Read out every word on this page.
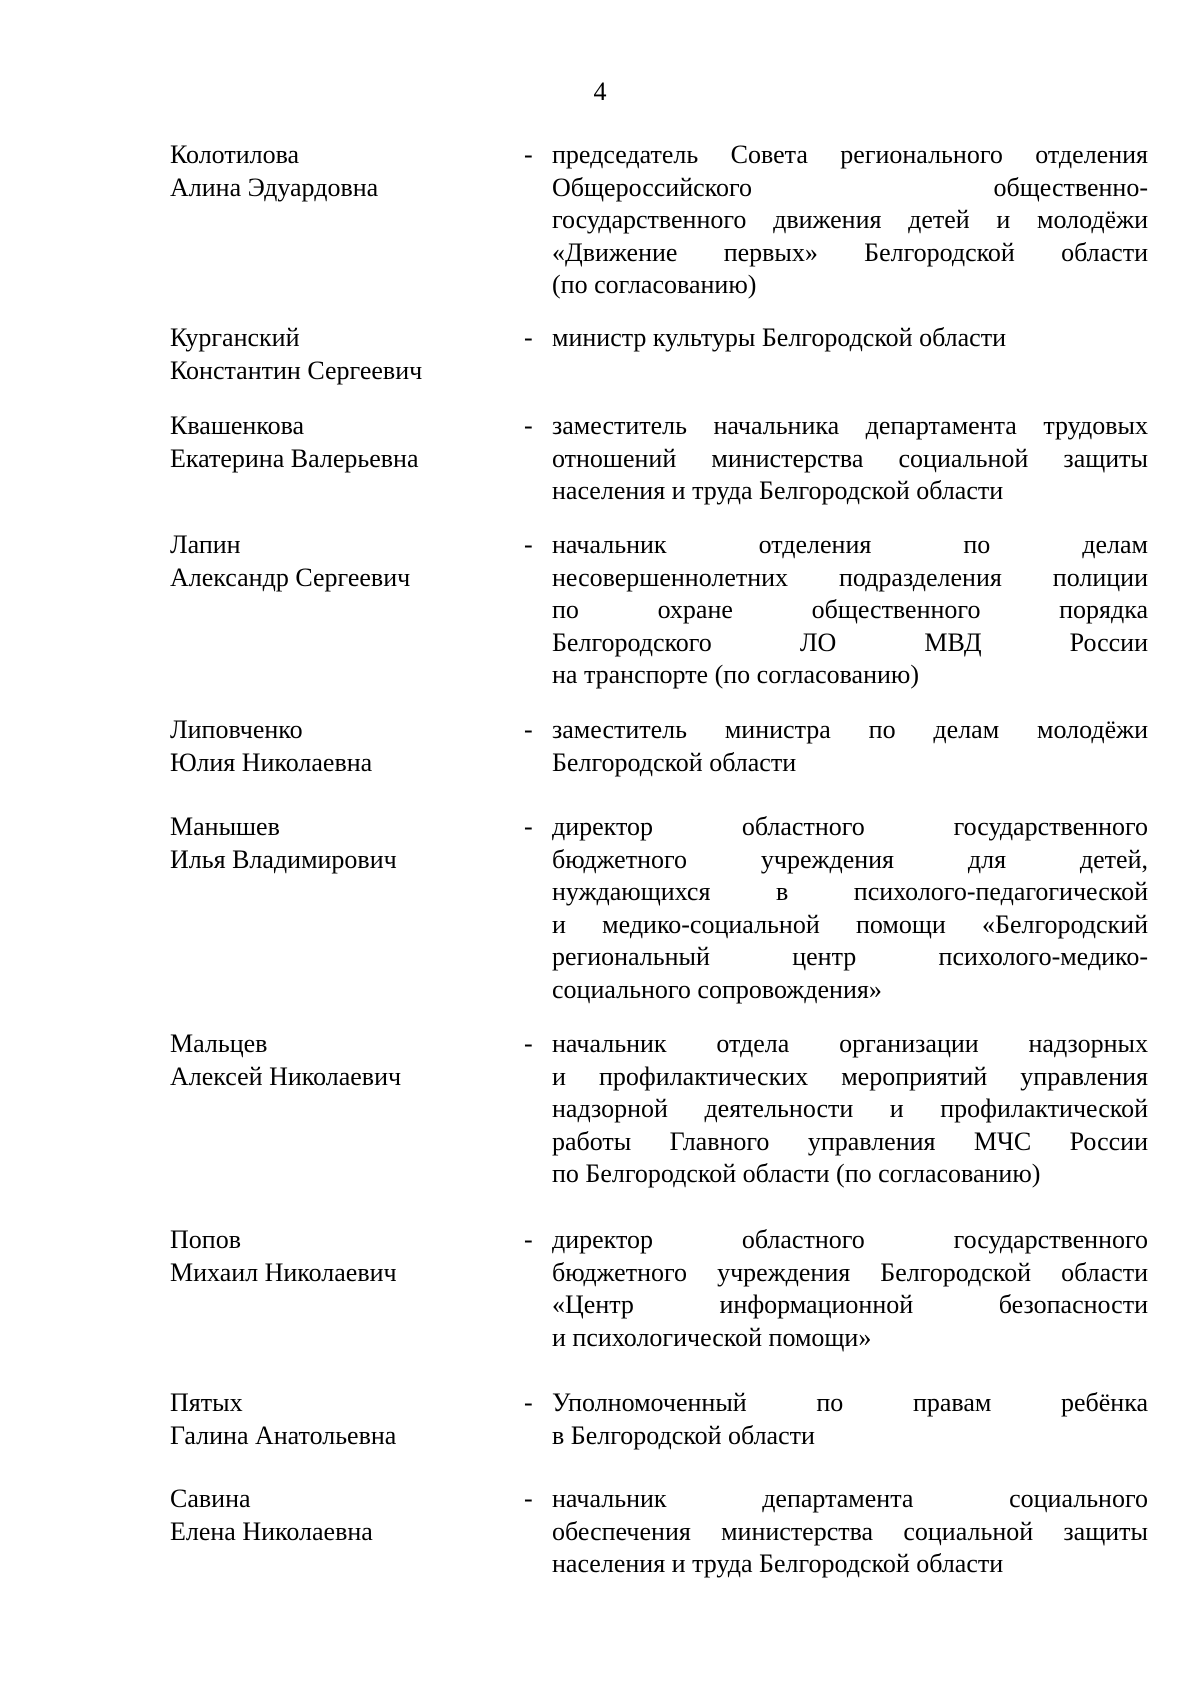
4
Колотилова
Алина Эдуардовна
- председатель Совета регионального отделения
Общероссийского общественно-
государственного движения детей и молодёжи
«Движение первых» Белгородской области
(по согласованию)
Курганский
Константин Сергеевич
- министр культуры Белгородской области
Квашенкова
Екатерина Валерьевна
- заместитель начальника департамента трудовых
отношений министерства социальной защиты
населения и труда Белгородской области
Лапин
Александр Сергеевич
- начальник отделения по делам
несовершеннолетних подразделения полиции
по охране общественного порядка
Белгородского ЛО МВД России
на транспорте (по согласованию)
Липовченко
Юлия Николаевна
- заместитель министра по делам молодёжи
Белгородской области
Манышев
Илья Владимирович
- директор областного государственного
бюджетного учреждения для детей,
нуждающихся в психолого-педагогической
и медико-социальной помощи «Белгородский
региональный центр психолого-медико-
социального сопровождения»
Мальцев
Алексей Николаевич
- начальник отдела организации надзорных
и профилактических мероприятий управления
надзорной деятельности и профилактической
работы Главного управления МЧС России
по Белгородской области (по согласованию)
Попов
Михаил Николаевич
- директор областного государственного
бюджетного учреждения Белгородской области
«Центр информационной безопасности
и психологической помощи»
Пятых
Галина Анатольевна
- Уполномоченный по правам ребёнка
в Белгородской области
Савина
Елена Николаевна
- начальник департамента социального
обеспечения министерства социальной защиты
населения и труда Белгородской области
